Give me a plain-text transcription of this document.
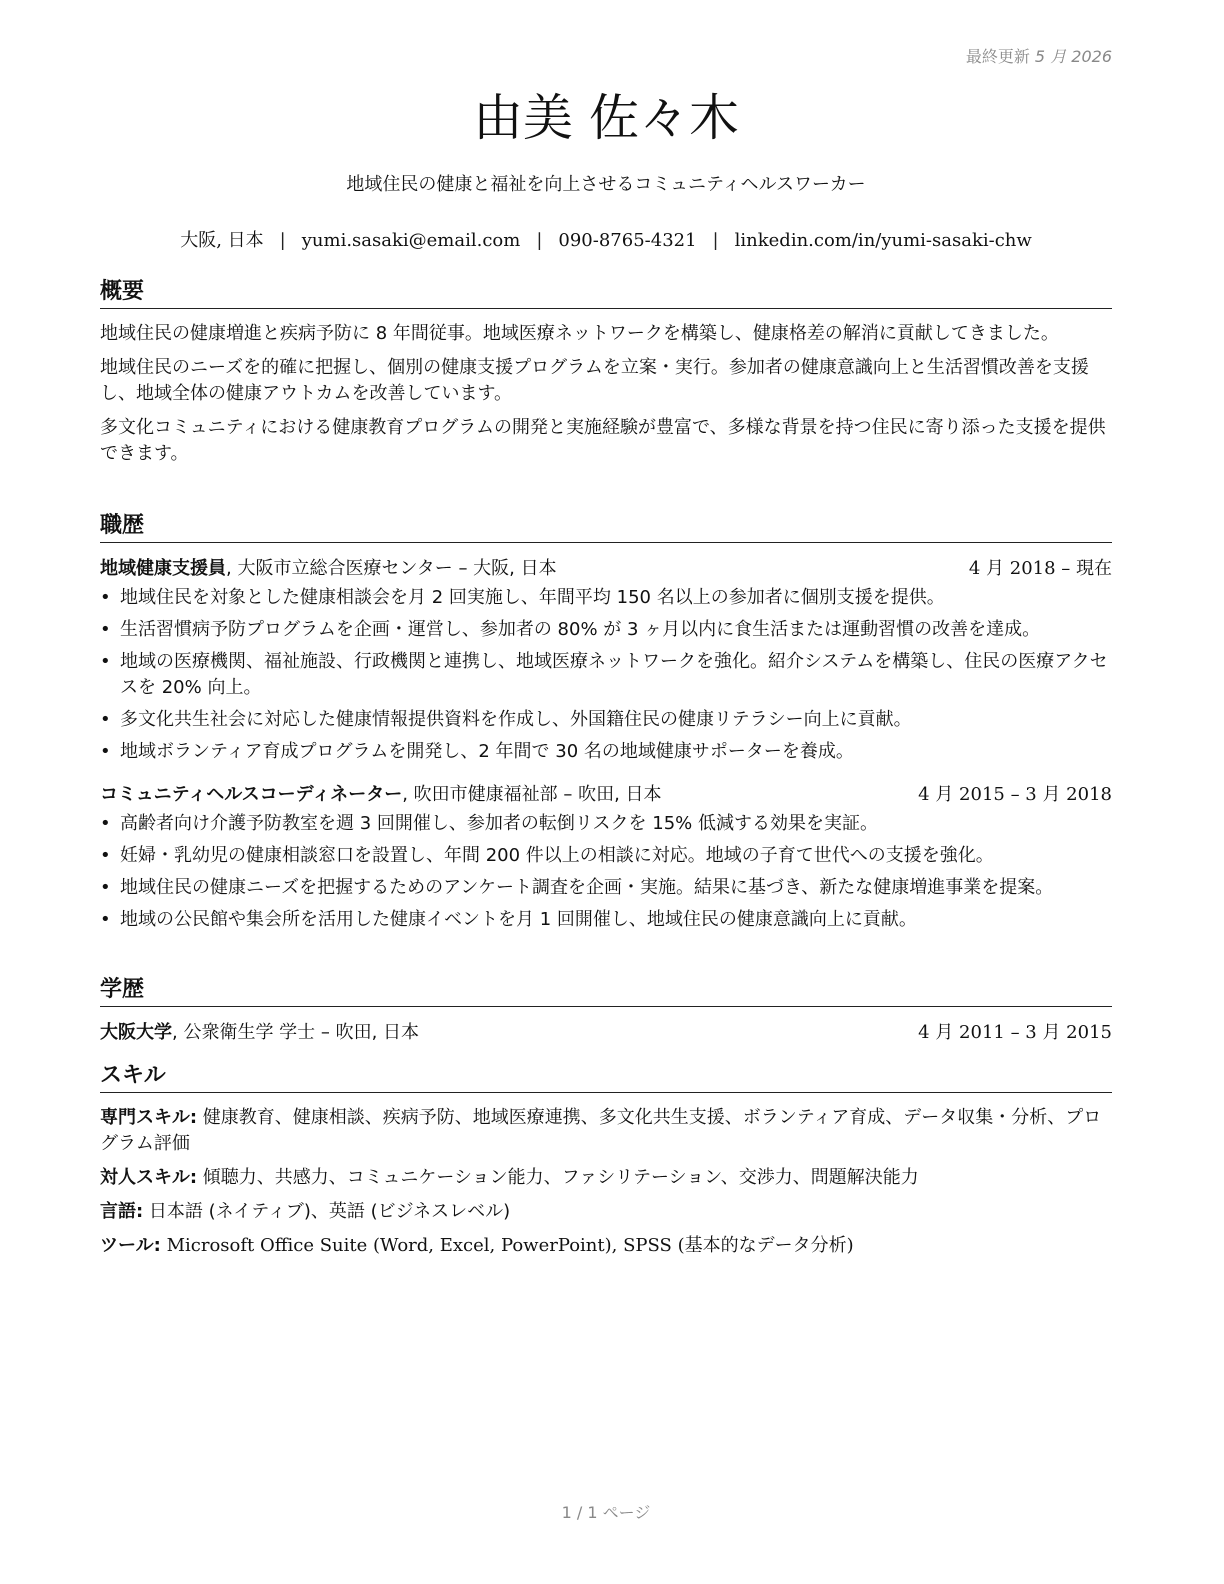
最終更新 5 月 2026
由美 佐々木
地域住民の健康と福祉を向上させるコミュニティヘルスワーカー
大阪, 日本 | yumi.sasaki@email.com | 090-8765-4321 | linkedin.com/in/yumi-sasaki-chw
概要

地域住民の健康増進と疾病予防に 8 年間従事。地域医療ネットワークを構築し、健康格差の解消に貢献してきました。

地域住民のニーズを的確に把握し、個別の健康支援プログラムを立案・実行。参加者の健康意識向上と生活習慣改善を支援し、地域全体の健康アウトカムを改善しています。

多文化コミュニティにおける健康教育プログラムの開発と実施経験が豊富で、多様な背景を持つ住民に寄り添った支援を提供できます。

職歴
地域健康支援員, 大阪市立総合医療センター – 大阪, 日本	4 月 2018 – 現在
• 地域住民を対象とした健康相談会を月 2 回実施し、年間平均 150 名以上の参加者に個別支援を提供。
• 生活習慣病予防プログラムを企画・運営し、参加者の 80% が 3 ヶ月以内に食生活または運動習慣の改善を達成。
• 地域の医療機関、福祉施設、行政機関と連携し、地域医療ネットワークを強化。紹介システムを構築し、住民の医療アクセスを 20% 向上。
• 多文化共生社会に対応した健康情報提供資料を作成し、外国籍住民の健康リテラシー向上に貢献。
• 地域ボランティア育成プログラムを開発し、2 年間で 30 名の地域健康サポーターを養成。
コミュニティヘルスコーディネーター, 吹田市健康福祉部 – 吹田, 日本	4 月 2015 – 3 月 2018
• 高齢者向け介護予防教室を週 3 回開催し、参加者の転倒リスクを 15% 低減する効果を実証。
• 妊婦・乳幼児の健康相談窓口を設置し、年間 200 件以上の相談に対応。地域の子育て世代への支援を強化。
• 地域住民の健康ニーズを把握するためのアンケート調査を企画・実施。結果に基づき、新たな健康増進事業を提案。
• 地域の公民館や集会所を活用した健康イベントを月 1 回開催し、地域住民の健康意識向上に貢献。
学歴
大阪大学, 公衆衛生学 学士 – 吹田, 日本	4 月 2011 – 3 月 2015
スキル
専門スキル: 健康教育、健康相談、疾病予防、地域医療連携、多文化共生支援、ボランティア育成、データ収集・分析、プログラム評価
対人スキル: 傾聴力、共感力、コミュニケーション能力、ファシリテーション、交渉力、問題解決能力
言語: 日本語 (ネイティブ)、英語 (ビジネスレベル)
ツール: Microsoft Office Suite (Word, Excel, PowerPoint), SPSS (基本的なデータ分析)
1 / 1 ページ
